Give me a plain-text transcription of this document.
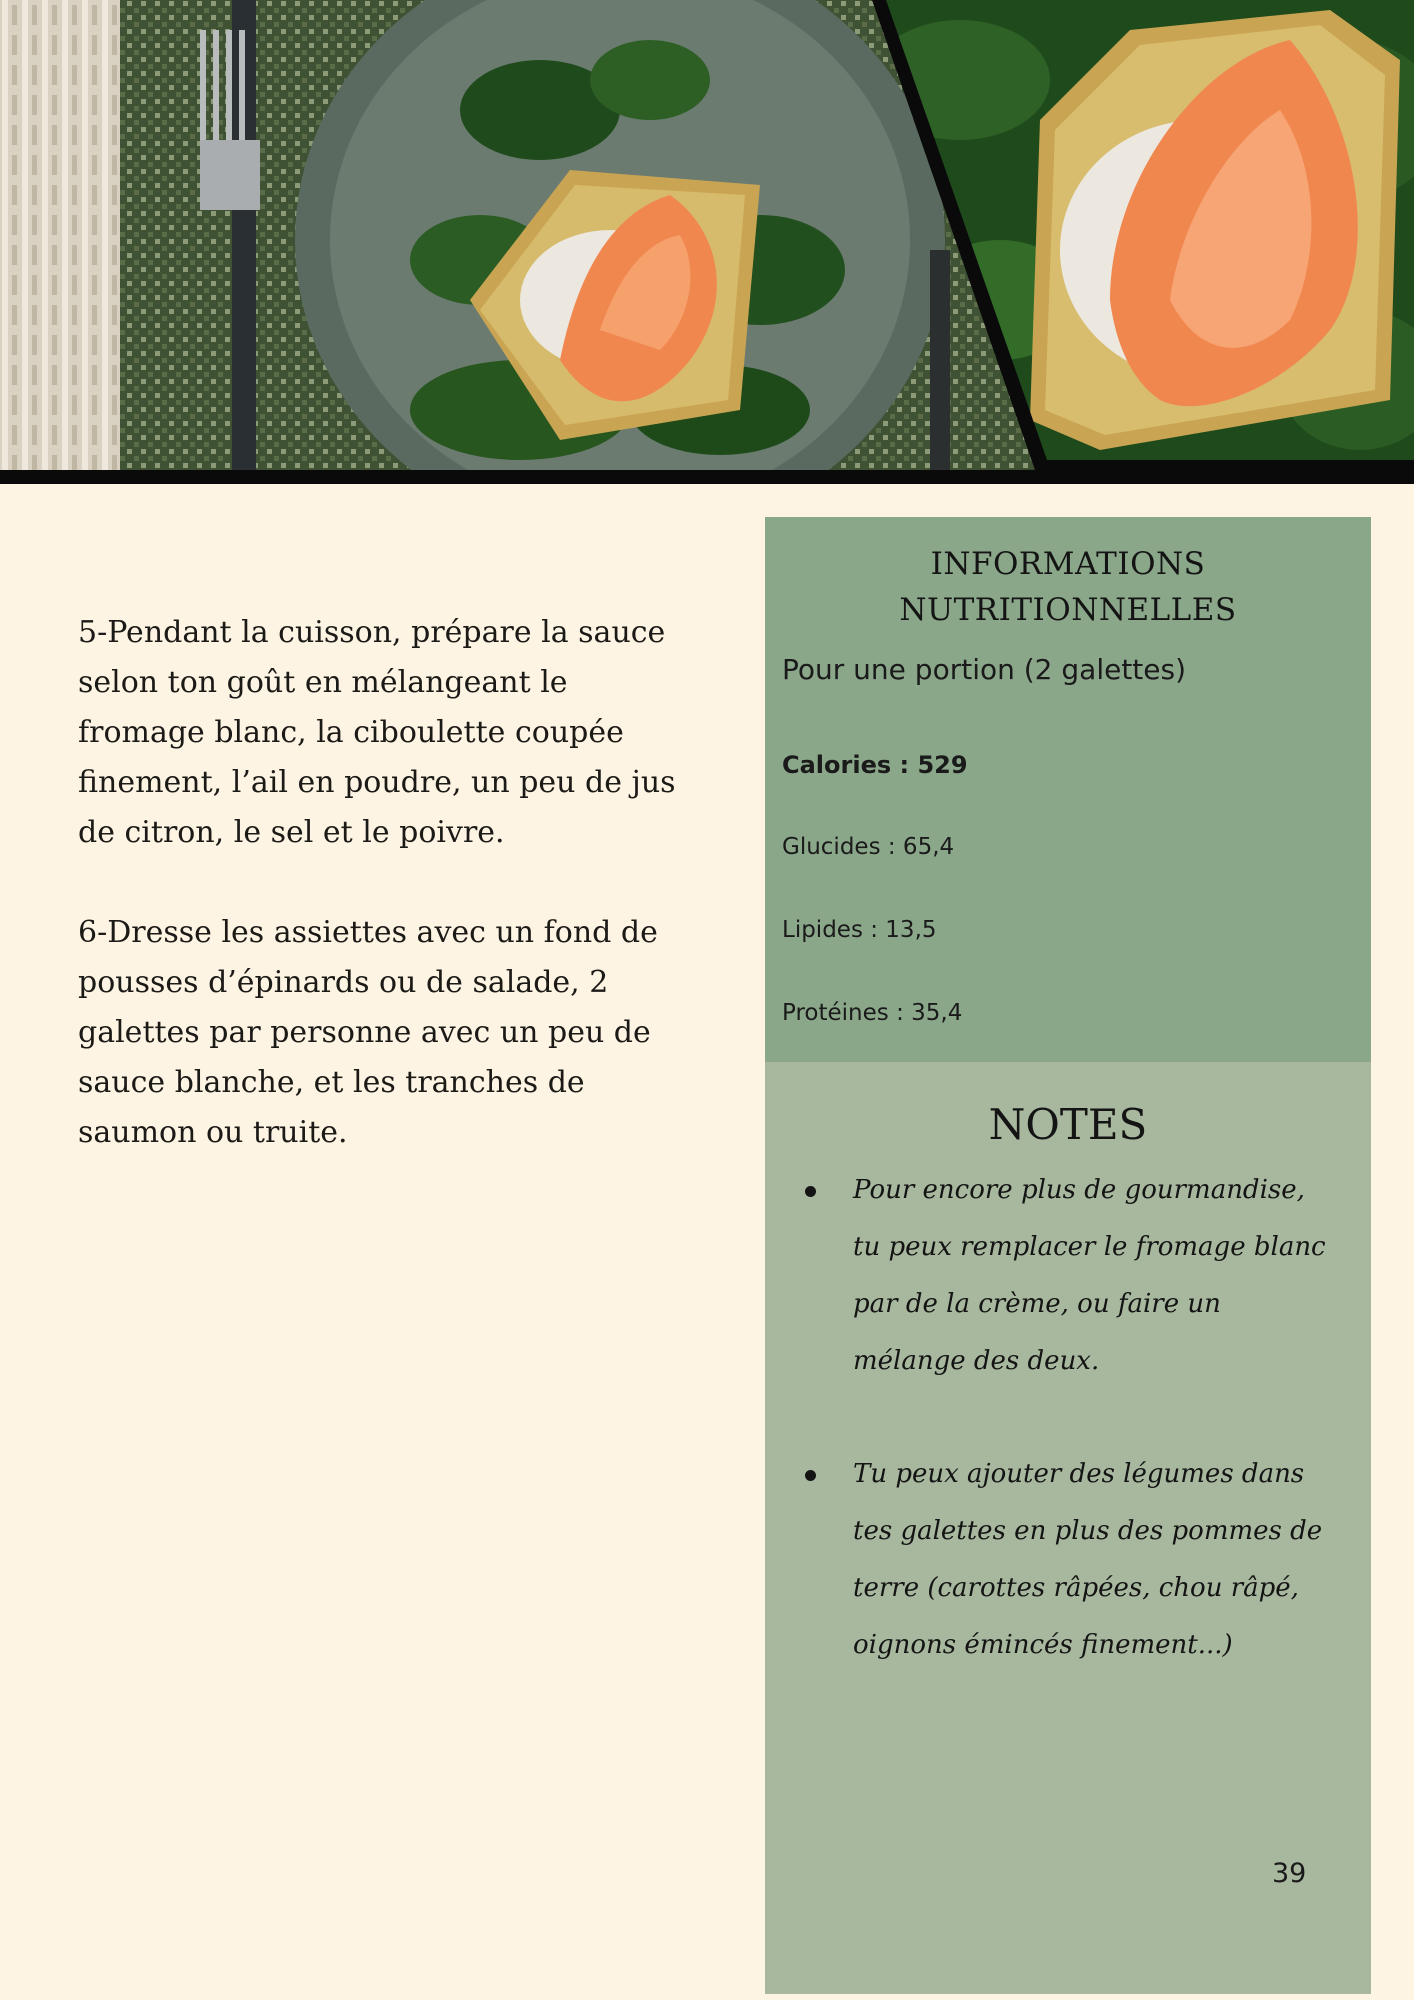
5-Pendant la cuisson, prépare la sauce selon ton goût en mélangeant le fromage blanc, la ciboulette coupée finement, l’ail en poudre, un peu de jus de citron, le sel et le poivre.

6-Dresse les assiettes avec un fond de pousses d’épinards ou de salade, 2 galettes par personne avec un peu de sauce blanche, et les tranches de saumon ou truite.

INFORMATIONS
NUTRITIONNELLES
Pour une portion (2 galettes)
Calories : 529
Glucides : 65,4
Lipides : 13,5
Protéines : 35,4
NOTES
Pour encore plus de gourmandise, tu peux remplacer le fromage blanc par de la crème, ou faire un mélange des deux.
Tu peux ajouter des légumes dans tes galettes en plus des pommes de terre (carottes râpées, chou râpé, oignons émincés finement...)
39
